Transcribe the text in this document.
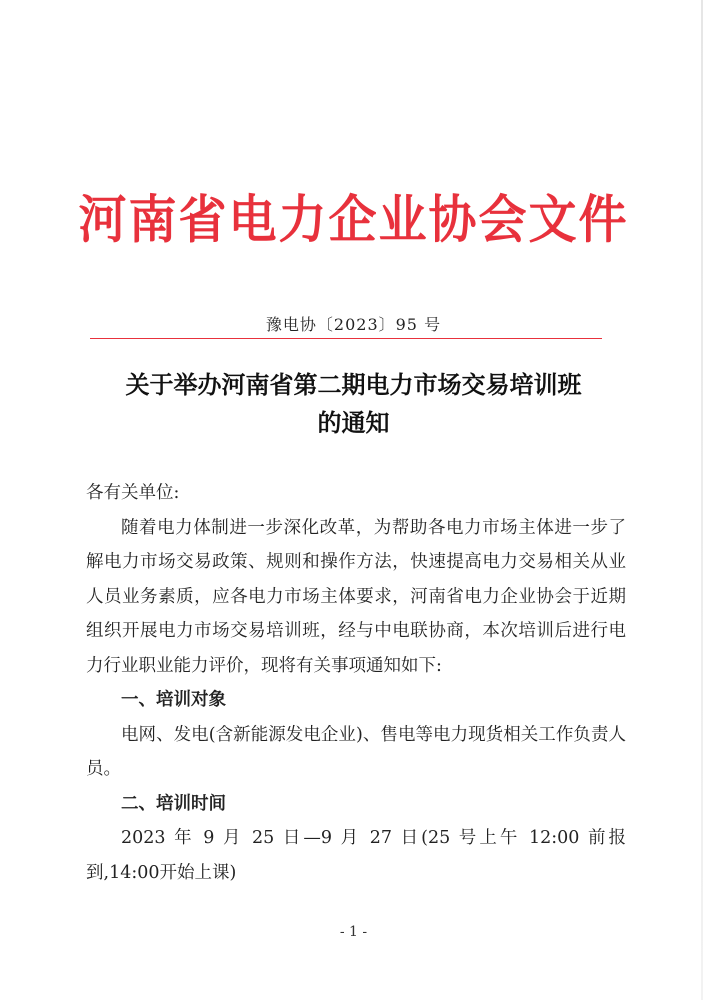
河南省电力企业协会文件
豫电协〔2023〕95 号
关于举办河南省第二期电力市场交易培训班
的通知

各有关单位:

随着电力体制进一步深化改革，为帮助各电力市场主体进一步了解电力市场交易政策、规则和操作方法，快速提高电力交易相关从业人员业务素质，应各电力市场主体要求，河南省电力企业协会于近期组织开展电力市场交易培训班，经与中电联协商，本次培训后进行电力行业职业能力评价，现将有关事项通知如下:

一、培训对象

电网、发电(含新能源发电企业)、售电等电力现货相关工作负责人员。

二、培训时间

2023 年 9 月 25 日—9 月 27 日(25 号上午 12:00 前报到,14:00开始上课)

- 1 -
